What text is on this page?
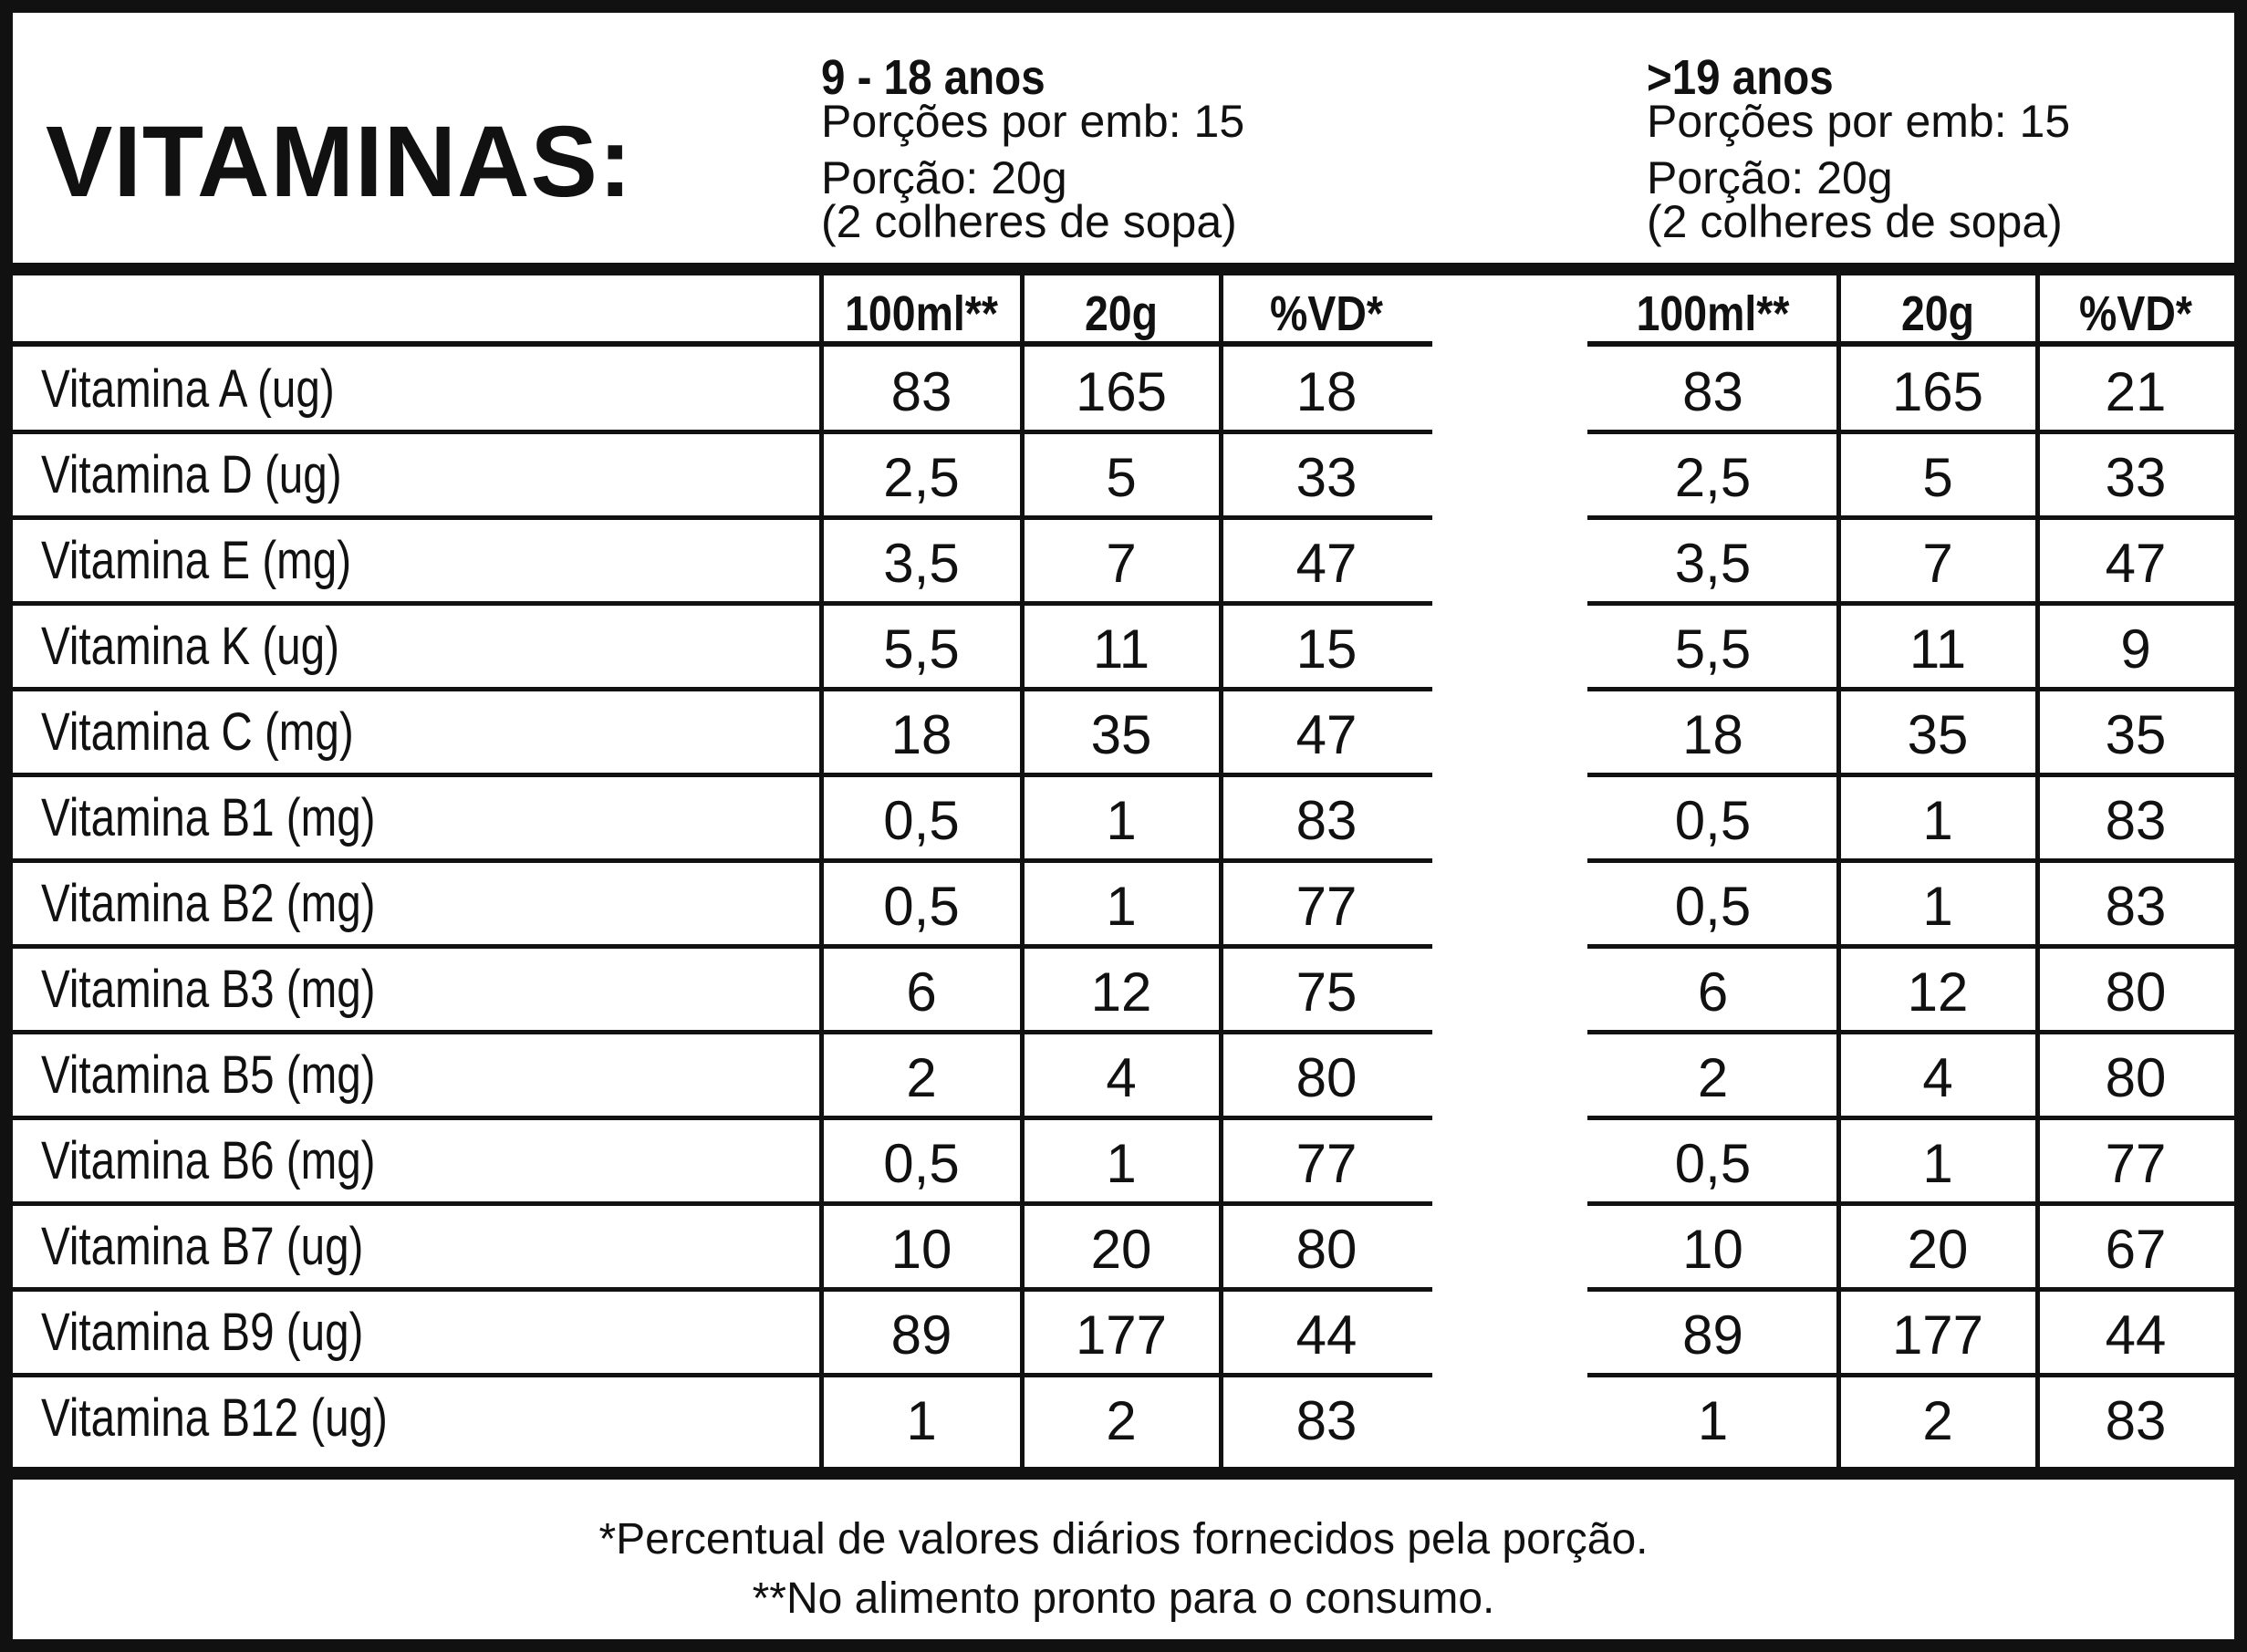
VITAMINAS:
9 - 18 anos
Porções por emb: 15
Porção: 20g
(2 colheres de sopa)
>19 anos
Porções por emb: 15
Porção: 20g
(2 colheres de sopa)
100ml**	20g	%VD*	100ml**	20g	%VD*
Vitamina A (ug)	83	165	18	83	165	21
Vitamina D (ug)	2,5	5	33	2,5	5	33
Vitamina E (mg)	3,5	7	47	3,5	7	47
Vitamina K (ug)	5,5	11	15	5,5	11	9
Vitamina C (mg)	18	35	47	18	35	35
Vitamina B1 (mg)	0,5	1	83	0,5	1	83
Vitamina B2 (mg)	0,5	1	77	0,5	1	83
Vitamina B3 (mg)	6	12	75	6	12	80
Vitamina B5 (mg)	2	4	80	2	4	80
Vitamina B6 (mg)	0,5	1	77	0,5	1	77
Vitamina B7 (ug)	10	20	80	10	20	67
Vitamina B9 (ug)	89	177	44	89	177	44
Vitamina B12 (ug)	1	2	83	1	2	83
*Percentual de valores diários fornecidos pela porção.
**No alimento pronto para o consumo.
